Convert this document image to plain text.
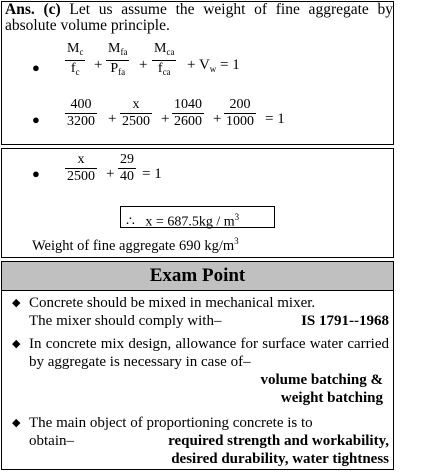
Ans. (c) Let us assume the weight of fine aggregate by absolute volume principle.
●
$M_c$
$f_c$ +
$M_{fa}$
$P_{fa}$ +
$M_{ca}$
$f_{ca} + V_w = 1$
●
400
3200 +
x
2500 +
1040
2600 +
200
1000 = 1
●
x
2500 +
29
40 = 1
∴ $x = 687.5kg / m^3$
Weight of fine aggregate 690 $kg/m^3$
Exam Point
◆ Concrete should be mixed in mechanical mixer.
The mixer should comply with–	IS 1791--1968
◆ In concrete mix design, allowance for surface water carried by aggregate is necessary in case of–
volume batching &
weight batching
◆ The main object of proportioning concrete is to
obtain–	required strength and workability,
desired durability, water tightness
